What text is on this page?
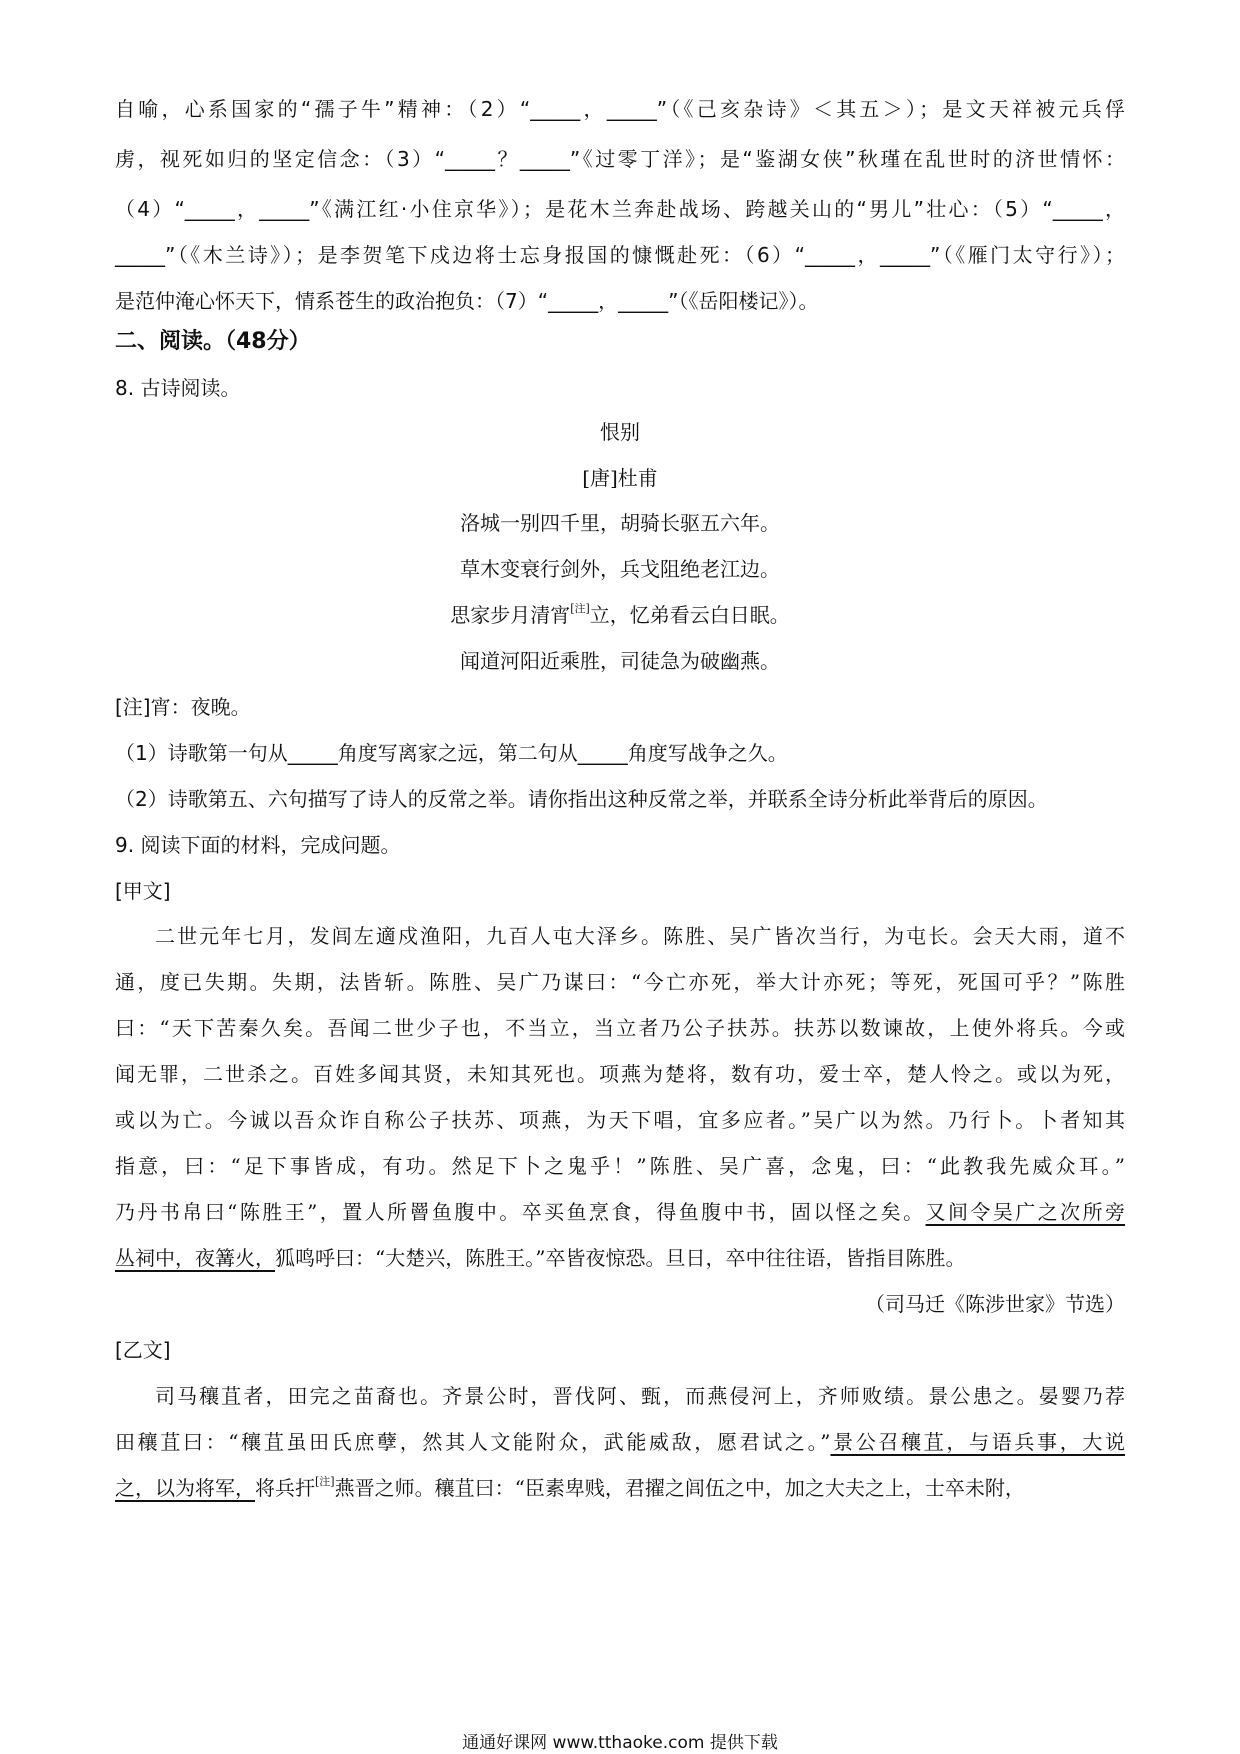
自喻，心系国家的“孺子牛”精神：（2）“_____，_____”（《己亥杂诗》＜其五＞）；是文天祥被元兵俘
虏，视死如归的坚定信念：（3）“_____？_____”《过零丁洋》；是“鉴湖女侠”秋瑾在乱世时的济世情怀：
（4）“_____，_____”《满江红·小住京华》）；是花木兰奔赴战场、跨越关山的“男儿”壮心：（5）“_____，
_____”（《木兰诗》）；是李贺笔下戍边将士忘身报国的慷慨赴死：（6）“_____，_____”（《雁门太守行》）；
是范仲淹心怀天下，情系苍生的政治抱负：（7）“_____，_____”（《岳阳楼记》）。
二、阅读。（48分）
8. 古诗阅读。
恨别
[唐]杜甫
洛城一别四千里，胡骑长驱五六年。
草木变衰行剑外，兵戈阻绝老江边。
思家步月清宵[注]立，忆弟看云白日眠。
闻道河阳近乘胜，司徒急为破幽燕。
[注]宵：夜晚。
（1）诗歌第一句从_____角度写离家之远，第二句从_____角度写战争之久。
（2）诗歌第五、六句描写了诗人的反常之举。请你指出这种反常之举，并联系全诗分析此举背后的原因。
9. 阅读下面的材料，完成问题。
[甲文]
二世元年七月，发闾左適戍渔阳，九百人屯大泽乡。陈胜、吴广皆次当行，为屯长。会天大雨，道不
通，度已失期。失期，法皆斩。陈胜、吴广乃谋曰：“今亡亦死，举大计亦死；等死，死国可乎？”陈胜
曰：“天下苦秦久矣。吾闻二世少子也，不当立，当立者乃公子扶苏。扶苏以数谏故，上使外将兵。今或
闻无罪，二世杀之。百姓多闻其贤，未知其死也。项燕为楚将，数有功，爱士卒，楚人怜之。或以为死，
或以为亡。今诚以吾众诈自称公子扶苏、项燕，为天下唱，宜多应者。”吴广以为然。乃行卜。卜者知其
指意，曰：“足下事皆成，有功。然足下卜之鬼乎！”陈胜、吴广喜，念鬼，曰：“此教我先威众耳。”
乃丹书帛曰“陈胜王”，置人所罾鱼腹中。卒买鱼烹食，得鱼腹中书，固以怪之矣。又间令吴广之次所旁
丛祠中，夜篝火，狐鸣呼曰：“大楚兴，陈胜王。”卒皆夜惊恐。旦日，卒中往往语，皆指目陈胜。
（司马迁《陈涉世家》节选）
[乙文]
司马穰苴者，田完之苗裔也。齐景公时，晋伐阿、甄，而燕侵河上，齐师败绩。景公患之。晏婴乃荐
田穰苴曰：“穰苴虽田氏庶孽，然其人文能附众，武能威敌，愿君试之。”景公召穰苴，与语兵事，大说
之，以为将军，将兵扞[注]燕晋之师。穰苴曰：“臣素卑贱，君擢之闾伍之中，加之大夫之上，士卒未附，
通通好课网 www.tthaoke.com 提供下载
